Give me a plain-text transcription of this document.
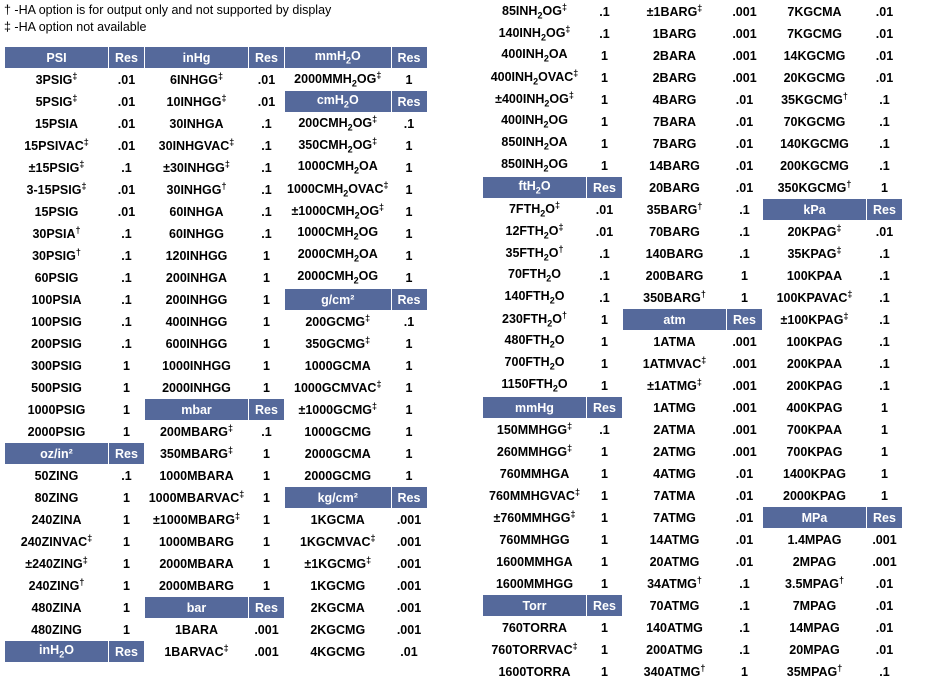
† -HA option is for output only and not supported by display
‡ -HA option not available
PSI	Res	inHg	Res	mmH$_2$O	Res
3PSIG‡	.01	6INHGG‡	.01	$2000MMH_2OG^\ddagger$	1
5PSIG‡	.01	10INHGG‡	.01	cmH$_2$O	Res
15PSIA	.01	30INHGA	.1	$200CMH_2OG^\ddagger$	.1
15PSIVAC‡	.01	30INHGVAC‡	.1	$350CMH_2OG^\ddagger$	1
±15PSIG‡	.1	±30INHGG‡	.1	$1000CMH_2OA$	1
3-15PSIG‡	.01	30INHGG†	.1	$1000CMH_2OVAC^\ddagger$	1
15PSIG	.01	60INHGA	.1	$\pm 1000CMH_2OG^\ddagger$	1
30PSIA†	.1	60INHGG	.1	$1000CMH_2OG$	1
30PSIG†	.1	120INHGG	1	$2000CMH_2OA$	1
60PSIG	.1	200INHGA	1	$2000CMH_2OG$	1
100PSIA	.1	200INHGG	1	g/cm²	Res
100PSIG	.1	400INHGG	1	200GCMG‡	.1
200PSIG	.1	600INHGG	1	350GCMG‡	1
300PSIG	1	1000INHGG	1	1000GCMA	1
500PSIG	1	2000INHGG	1	1000GCMVAC‡	1
1000PSIG	1	mbar	Res	±1000GCMG‡	1
2000PSIG	1	200MBARG‡	.1	1000GCMG	1
oz/in²	Res	350MBARG‡	1	2000GCMA	1
50ZING	.1	1000MBARA	1	2000GCMG	1
80ZING	1	1000MBARVAC‡	1	kg/cm²	Res
240ZINA	1	±1000MBARG‡	1	1KGCMA	.001
240ZINVAC‡	1	1000MBARG	1	1KGCMVAC‡	.001
±240ZING‡	1	2000MBARA	1	±1KGCMG‡	.001
240ZING†	1	2000MBARG	1	1KGCMG	.001
480ZINA	1	bar	Res	2KGCMA	.001
480ZING	1	1BARA	.001	2KGCMG	.001
inH$_2$O	Res	1BARVAC‡	.001	4KGCMG	.01
$85INH_2OG^\ddagger$	.1	±1BARG‡	.001	7KGCMA	.01
$140INH_2OG^\ddagger$	.1	1BARG	.001	7KGCMG	.01
$400INH_2OA$	1	2BARA	.001	14KGCMG	.01
$400INH_2OVAC^\ddagger$	1	2BARG	.001	20KGCMG	.01
$\pm 400INH_2OG^\ddagger$	1	4BARG	.01	35KGCMG†	.1
$400INH_2OG$	1	7BARA	.01	70KGCMG	.1
$850INH_2OA$	1	7BARG	.01	140KGCMG	.1
$850INH_2OG$	1	14BARG	.01	200KGCMG	.1
ftH$_2$O	Res	20BARG	.01	350KGCMG†	1
$7FTH_2O^\ddagger$	.01	35BARG†	.1	kPa	Res
$12FTH_2O^\ddagger$	.01	70BARG	.1	20KPAG‡	.01
$35FTH_2O^\dagger$	.1	140BARG	.1	35KPAG‡	.1
$70FTH_2O$	.1	200BARG	1	100KPAA	.1
$140FTH_2O$	.1	350BARG†	1	100KPAVAC‡	.1
$230FTH_2O^\dagger$	1	atm	Res	±100KPAG‡	.1
$480FTH_2O$	1	1ATMA	.001	100KPAG	.1
$700FTH_2O$	1	1ATMVAC‡	.001	200KPAA	.1
$1150FTH_2O$	1	±1ATMG‡	.001	200KPAG	.1
mmHg	Res	1ATMG	.001	400KPAG	1
150MMHGG‡	.1	2ATMA	.001	700KPAA	1
260MMHGG‡	1	2ATMG	.001	700KPAG	1
760MMHGA	1	4ATMG	.01	1400KPAG	1
760MMHGVAC‡	1	7ATMA	.01	2000KPAG	1
±760MMHGG‡	1	7ATMG	.01	MPa	Res
760MMHGG	1	14ATMG	.01	1.4MPAG	.001
1600MMHGA	1	20ATMG	.01	2MPAG	.001
1600MMHGG	1	34ATMG†	.1	3.5MPAG†	.01
Torr	Res	70ATMG	.1	7MPAG	.01
760TORRA	1	140ATMG	.1	14MPAG	.01
760TORRVAC‡	1	200ATMG	.1	20MPAG	.01
1600TORRA	1	340ATMG†	1	35MPAG†	.1
